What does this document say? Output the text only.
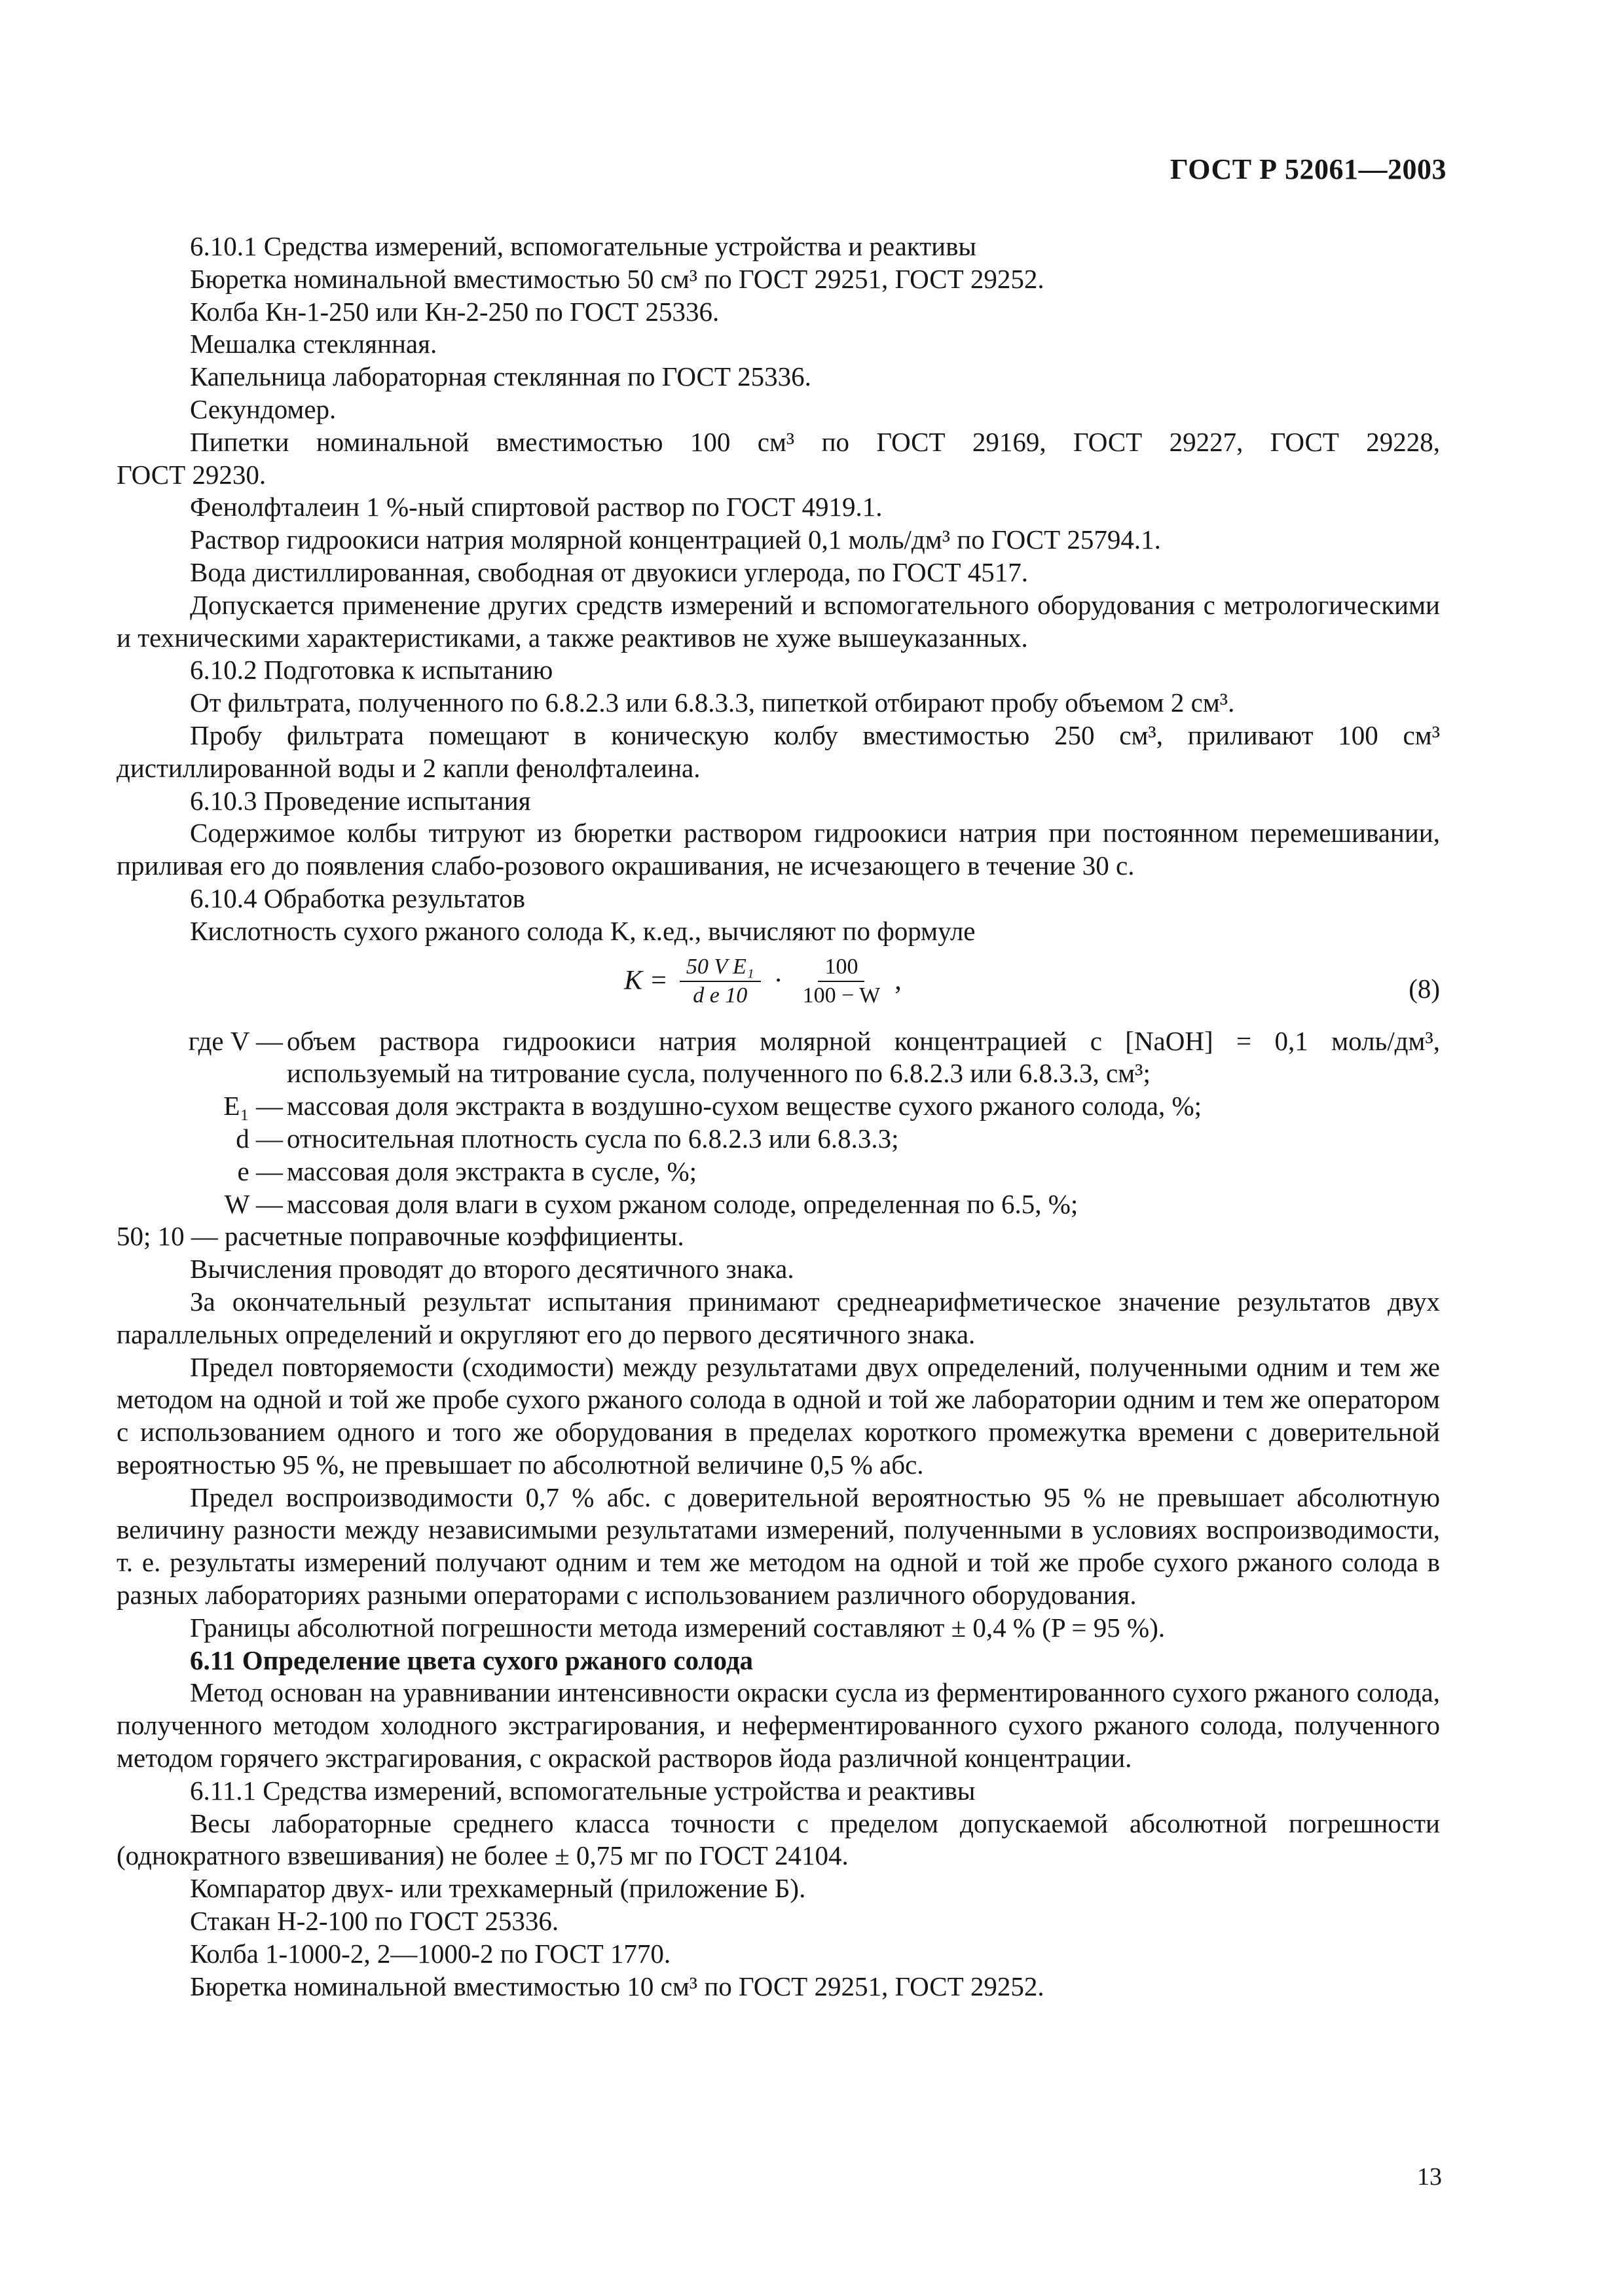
ГОСТ Р 52061—2003

6.10.1 Средства измерений, вспомогательные устройства и реактивы

Бюретка номинальной вместимостью 50 см³ по ГОСТ 29251, ГОСТ 29252.

Колба Кн-1-250 или Кн-2-250 по ГОСТ 25336.

Мешалка стеклянная.

Капельница лабораторная стеклянная по ГОСТ 25336.

Секундомер.

Пипетки номинальной вместимостью 100 см³ по ГОСТ 29169, ГОСТ 29227, ГОСТ 29228,

ГОСТ 29230.

Фенолфталеин 1 %-ный спиртовой раствор по ГОСТ 4919.1.

Раствор гидроокиси натрия молярной концентрацией 0,1 моль/дм³ по ГОСТ 25794.1.

Вода дистиллированная, свободная от двуокиси углерода, по ГОСТ 4517.

Допускается применение других средств измерений и вспомогательного оборудования с метрологическими и техническими характеристиками, а также реактивов не хуже вышеуказанных.

6.10.2 Подготовка к испытанию

От фильтрата, полученного по 6.8.2.3 или 6.8.3.3, пипеткой отбирают пробу объемом 2 см³.

Пробу фильтрата помещают в коническую колбу вместимостью 250 см³, приливают 100 см³ дистиллированной воды и 2 капли фенолфталеина.

6.10.3 Проведение испытания

Содержимое колбы титруют из бюретки раствором гидроокиси натрия при постоянном перемешивании, приливая его до появления слабо-розового окрашивания, не исчезающего в течение 30 с.

6.10.4 Обработка результатов

Кислотность сухого ржаного солода K, к.ед., вычисляют по формуле

$K = \frac{\text{50 V E₁}}{\text{d e 10}} \cdot \frac{100}{100 - W}$ ,	(8)
где V — объем раствора гидроокиси натрия молярной концентрацией c [NaOH] = 0,1 моль/дм³,
используемый на титрование сусла, полученного по 6.8.2.3 или 6.8.3.3, см³;
E₁ — массовая доля экстракта в воздушно-сухом веществе сухого ржаного солода, %;
d — относительная плотность сусла по 6.8.2.3 или 6.8.3.3;
e — массовая доля экстракта в сусле, %;
W — массовая доля влаги в сухом ржаном солоде, определенная по 6.5, %;
50; 10 — расчетные поправочные коэффициенты.

Вычисления проводят до второго десятичного знака.

За окончательный результат испытания принимают среднеарифметическое значение результатов двух параллельных определений и округляют его до первого десятичного знака.

Предел повторяемости (сходимости) между результатами двух определений, полученными одним и тем же методом на одной и той же пробе сухого ржаного солода в одной и той же лаборатории одним и тем же оператором с использованием одного и того же оборудования в пределах короткого промежутка времени с доверительной вероятностью 95 %, не превышает по абсолютной величине 0,5 % абс.

Предел воспроизводимости 0,7 % абс. с доверительной вероятностью 95 % не превышает абсолютную величину разности между независимыми результатами измерений, полученными в условиях воспроизводимости, т. е. результаты измерений получают одним и тем же методом на одной и той же пробе сухого ржаного солода в разных лабораториях разными операторами с использованием различного оборудования.

Границы абсолютной погрешности метода измерений составляют ± 0,4 % (P = 95 %).

6.11 Определение цвета сухого ржаного солода

Метод основан на уравнивании интенсивности окраски сусла из ферментированного сухого ржаного солода, полученного методом холодного экстрагирования, и неферментированного сухого ржаного солода, полученного методом горячего экстрагирования, с окраской растворов йода различной концентрации.

6.11.1 Средства измерений, вспомогательные устройства и реактивы

Весы лабораторные среднего класса точности с пределом допускаемой абсолютной погрешности (однократного взвешивания) не более ± 0,75 мг по ГОСТ 24104.

Компаратор двух- или трехкамерный (приложение Б).

Стакан Н-2-100 по ГОСТ 25336.

Колба 1-1000-2, 2—1000-2 по ГОСТ 1770.

Бюретка номинальной вместимостью 10 см³ по ГОСТ 29251, ГОСТ 29252.

13
